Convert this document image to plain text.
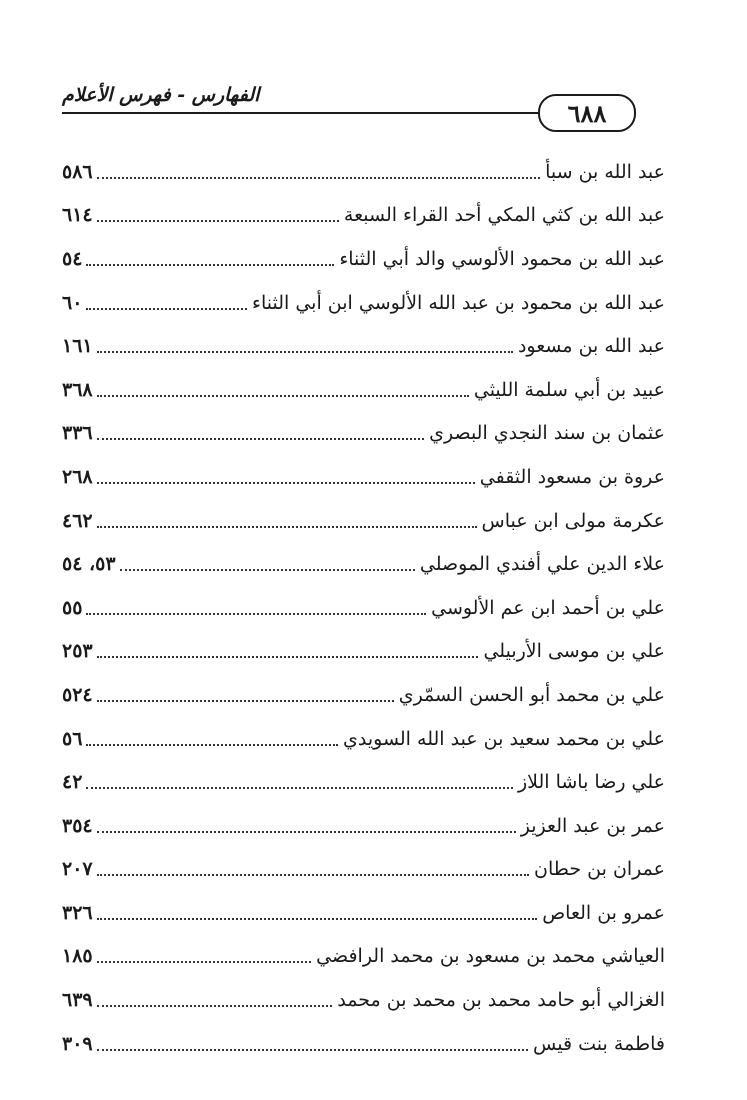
الفهارس - فهرس الأعلام
٦٨٨
عبد الله بن سبأ
٥٨٦
عبد الله بن كثي المكي أحد القراء السبعة
٦١٤
عبد الله بن محمود الألوسي والد أبي الثناء
٥٤
عبد الله بن محمود بن عبد الله الألوسي ابن أبي الثناء
٦٠
عبد الله بن مسعود
١٦١
عبيد بن أبي سلمة الليثي
٣٦٨
عثمان بن سند النجدي البصري
٣٣٦
عروة بن مسعود الثقفي
٢٦٨
عكرمة مولى ابن عباس
٤٦٢
علاء الدين علي أفندي الموصلي
٥٣، ٥٤
علي بن أحمد ابن عم الألوسي
٥٥
علي بن موسى الأربيلي
٢٥٣
علي بن محمد أبو الحسن السمّري
٥٢٤
علي بن محمد سعيد بن عبد الله السويدي
٥٦
علي رضا باشا اللاز
٤٢
عمر بن عبد العزيز
٣٥٤
عمران بن حطان
٢٠٧
عمرو بن العاص
٣٢٦
العياشي محمد بن مسعود بن محمد الرافضي
١٨٥
الغزالي أبو حامد محمد بن محمد بن محمد
٦٣٩
فاطمة بنت قيس
٣٠٩
